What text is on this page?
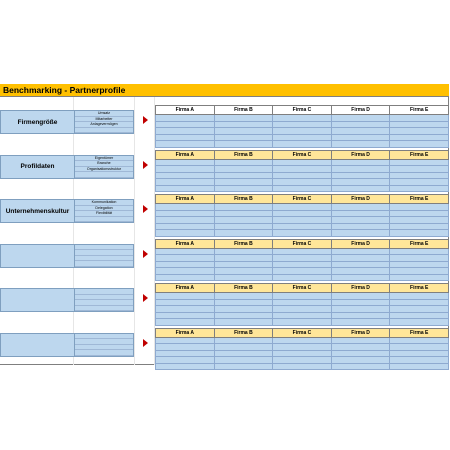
Benchmarking - Partnerprofile
Firmengröße
Umsatz
Mitarbeiter
Anlagevermögen
Firma A	Firma B	Firma C	Firma D	Firma E

Profildaten
Eigentümer
Branche
Organisationsstruktur
Firma A	Firma B	Firma C	Firma D	Firma E

Unternehmenskultur
Kommunikation
Delegation
Flexibilität
Firma A	Firma B	Firma C	Firma D	Firma E

Firma A	Firma B	Firma C	Firma D	Firma E

Firma A	Firma B	Firma C	Firma D	Firma E

Firma A	Firma B	Firma C	Firma D	Firma E
